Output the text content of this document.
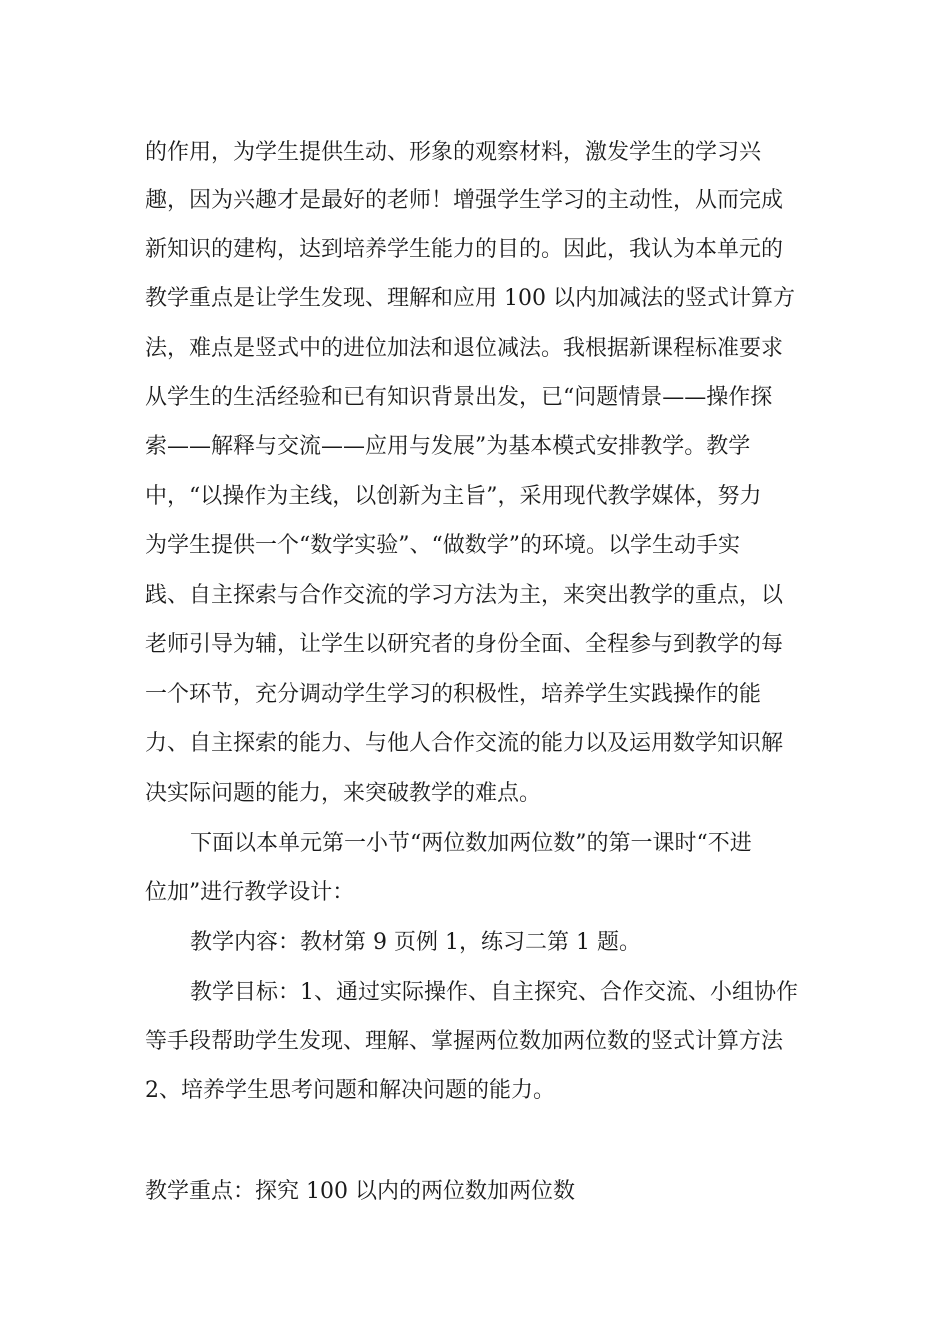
的作用，为学生提供生动、形象的观察材料，激发学生的学习兴
趣，因为兴趣才是最好的老师！增强学生学习的主动性，从而完成
新知识的建构，达到培养学生能力的目的。因此，我认为本单元的
教学重点是让学生发现、理解和应用 100 以内加减法的竖式计算方
法，难点是竖式中的进位加法和退位减法。我根据新课程标准要求
从学生的生活经验和已有知识背景出发，已“问题情景——操作探
索——解释与交流——应用与发展”为基本模式安排教学。教学
中，“以操作为主线，以创新为主旨”，采用现代教学媒体，努力
为学生提供一个“数学实验”、“做数学”的环境。以学生动手实
践、自主探索与合作交流的学习方法为主，来突出教学的重点，以
老师引导为辅，让学生以研究者的身份全面、全程参与到教学的每
一个环节，充分调动学生学习的积极性，培养学生实践操作的能
力、自主探索的能力、与他人合作交流的能力以及运用数学知识解
决实际问题的能力，来突破教学的难点。
下面以本单元第一小节“两位数加两位数”的第一课时“不进
位加”进行教学设计：
教学内容：教材第 9 页例 1，练习二第 1 题。
教学目标：1、通过实际操作、自主探究、合作交流、小组协作
等手段帮助学生发现、理解、掌握两位数加两位数的竖式计算方法
2、培养学生思考问题和解决问题的能力。
教学重点：探究 100 以内的两位数加两位数
